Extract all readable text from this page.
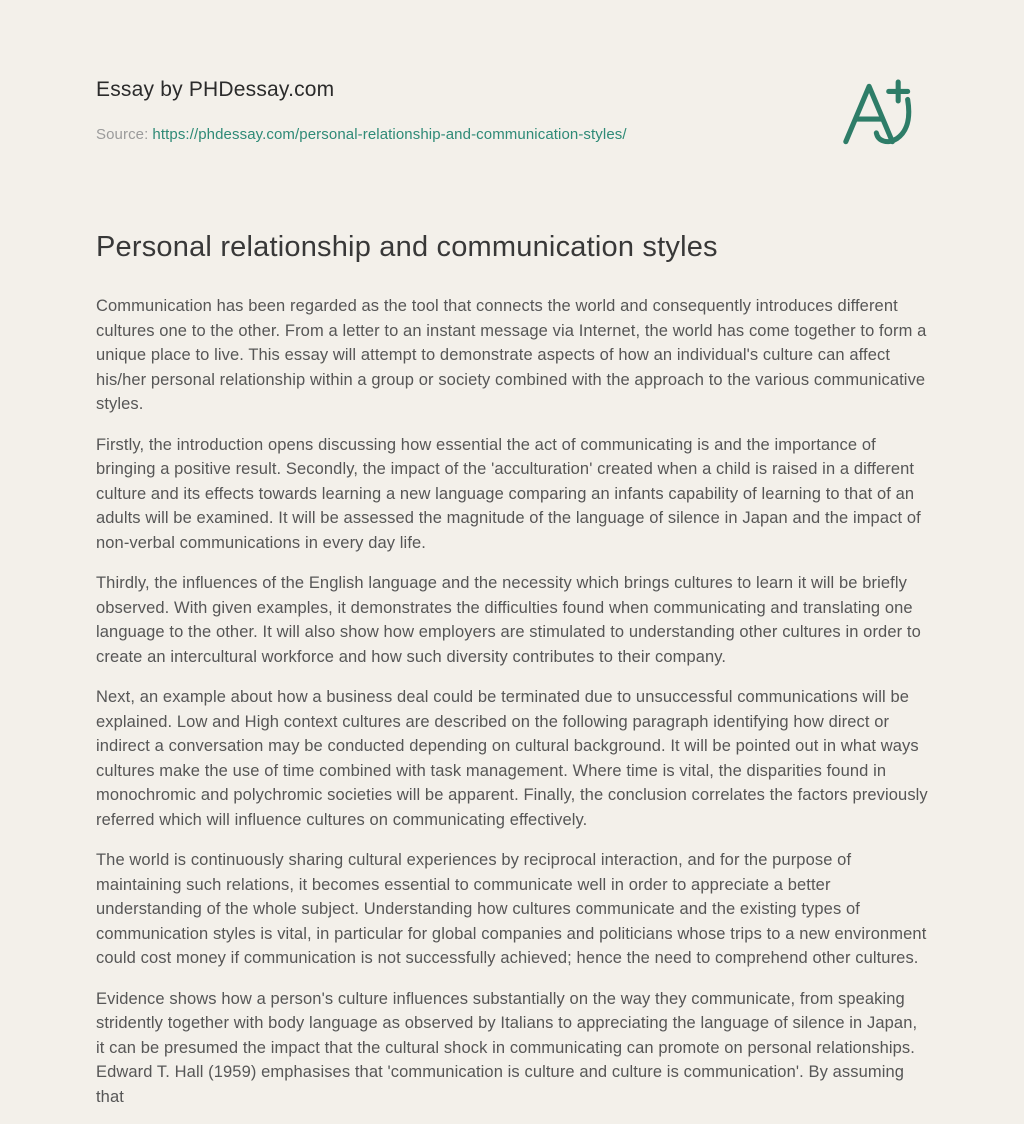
Essay by PHDessay.com
Source: https://phdessay.com/personal-relationship-and-communication-styles/
Personal relationship and communication styles

Communication has been regarded as the tool that connects the world and consequently introduces different cultures one to the other. From a letter to an instant message via Internet, the world has come together to form a unique place to live. This essay will attempt to demonstrate aspects of how an individual's culture can affect his/her personal relationship within a group or society combined with the approach to the various communicative styles.

Firstly, the introduction opens discussing how essential the act of communicating is and the importance of bringing a positive result. Secondly, the impact of the 'acculturation' created when a child is raised in a different culture and its effects towards learning a new language comparing an infants capability of learning to that of an adults will be examined. It will be assessed the magnitude of the language of silence in Japan and the impact of non-verbal communications in every day life.

Thirdly, the influences of the English language and the necessity which brings cultures to learn it will be briefly observed. With given examples, it demonstrates the difficulties found when communicating and translating one language to the other. It will also show how employers are stimulated to understanding other cultures in order to create an intercultural workforce and how such diversity contributes to their company.

Next, an example about how a business deal could be terminated due to unsuccessful communications will be explained. Low and High context cultures are described on the following paragraph identifying how direct or indirect a conversation may be conducted depending on cultural background. It will be pointed out in what ways cultures make the use of time combined with task management. Where time is vital, the disparities found in monochromic and polychromic societies will be apparent. Finally, the conclusion correlates the factors previously referred which will influence cultures on communicating effectively.

The world is continuously sharing cultural experiences by reciprocal interaction, and for the purpose of maintaining such relations, it becomes essential to communicate well in order to appreciate a better understanding of the whole subject. Understanding how cultures communicate and the existing types of communication styles is vital, in particular for global companies and politicians whose trips to a new environment could cost money if communication is not successfully achieved; hence the need to comprehend other cultures.

Evidence shows how a person's culture influences substantially on the way they communicate, from speaking stridently together with body language as observed by Italians to appreciating the language of silence in Japan, it can be presumed the impact that the cultural shock in communicating can promote on personal relationships. Edward T. Hall (1959) emphasises that 'communication is culture and culture is communication'. By assuming that
